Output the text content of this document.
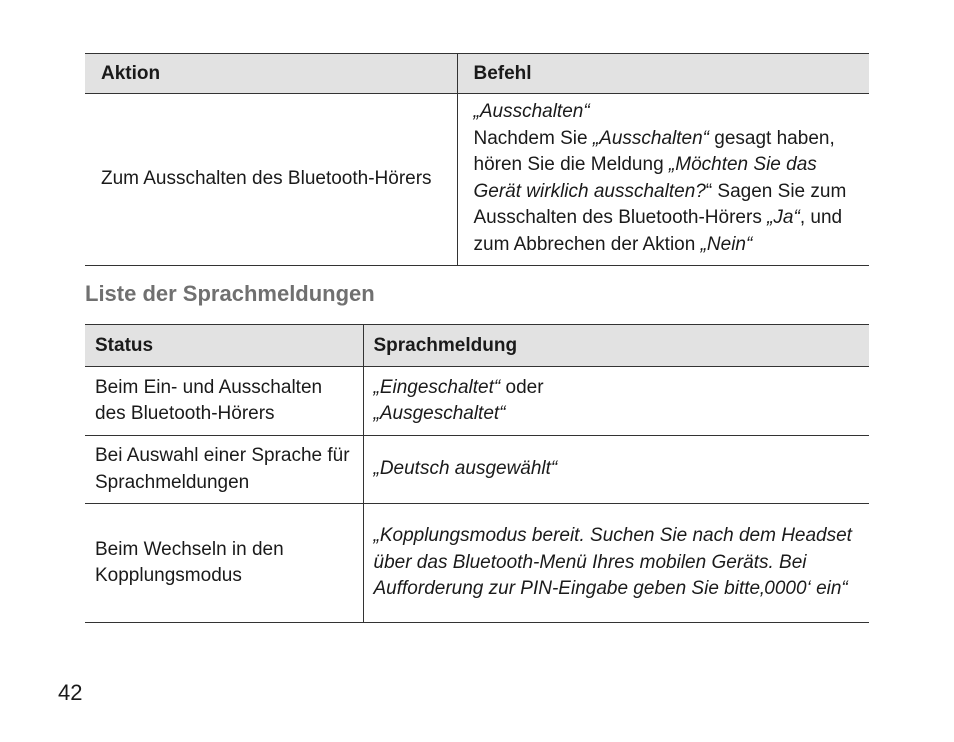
Aktion	Befehl
Zum Ausschalten des Bluetooth-Hörers	„Ausschalten“
Nachdem Sie „Ausschalten“ gesagt haben, hören Sie die Meldung „Möchten Sie das Gerät wirklich ausschalten?“ Sagen Sie zum Ausschalten des Bluetooth-Hörers „Ja“, und zum Abbrechen der Aktion „Nein“
Liste der Sprachmeldungen
Status	Sprachmeldung
Beim Ein- und Ausschalten des Bluetooth-Hörers	„Eingeschaltet“ oder
„Ausgeschaltet“

Bei Auswahl einer Sprache für Sprachmeldungen	„Deutsch ausgewählt“
Beim Wechseln in den Kopplungsmodus	„Kopplungsmodus bereit. Suchen Sie nach dem Headset über das Bluetooth-Menü Ihres mobilen Geräts. Bei Aufforderung zur PIN-Eingabe geben Sie bitte‚0000‘ ein“
42
